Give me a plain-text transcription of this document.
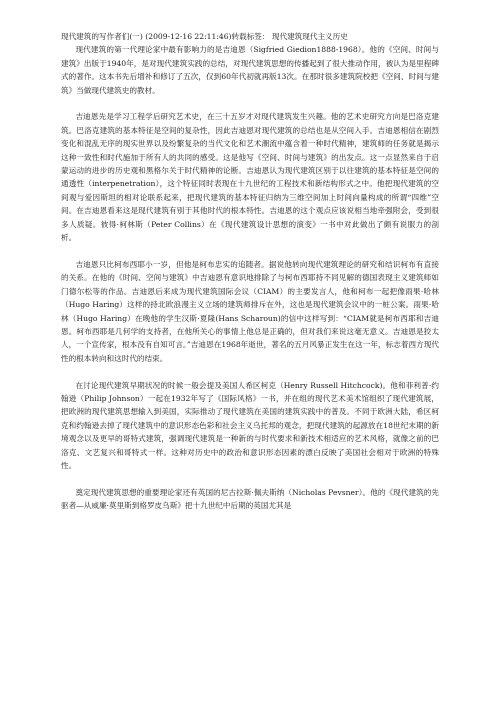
现代建筑的写作者们(一) (2009-12-16 22:11:46)转载标签： 现代建筑现代主义历史

现代建筑的第一代理论家中最有影响力的是吉迪恩（Sigfried Giedion1888-1968）。他的《空间、时间与建筑》出版于1940年，是对现代建筑实践的总结，对现代建筑思想的传播起到了很大推动作用，被认为是里程碑式的著作。这本书先后增补和修订了五次，仅到60年代初就再版13次。在那时很多建筑院校把《空间、时间与建筑》当做现代建筑史的教材。

吉迪恩先是学习工程学后研究艺术史，在三十五岁才对现代建筑发生兴趣。他的艺术史研究方向是巴洛克建筑。巴洛克建筑的基本特征是空间的复杂性，因此吉迪恩对现代建筑的总结也是从空间入手。吉迪恩相信在剧烈变化和混乱无序的现实世界以及纷繁复杂的当代文化和艺术潮流中蕴含着一种时代精神，建筑师的任务就是揭示这种一致性和时代施加于所有人的共同的感受。这是他写《空间、时间与建筑》的出发点。这一点显然来自于启蒙运动的进步的历史观和黑格尔关于时代精神的论断。吉迪恩认为现代建筑区别于以往建筑的基本特征是空间的通透性（interpenetration），这个特征同时表现在十九世纪的工程技术和新结构形式之中。他把现代建筑的空间观与爱因斯坦的相对论联系起来，把现代建筑的基本特征归纳为三维空间加上时间向量构成的所谓“四维”空间。在吉迪恩看来这是现代建筑有别于其他时代的根本特性。吉迪恩的这个观点应该说相当地牵强附会，受到很多人质疑。彼得·柯林斯（Peter Collins）在《现代建筑设计思想的演变》一书中对此做出了颇有说服力的剖析。

吉迪恩只比柯布西耶小一岁，但他是柯布忠实的追随者。据说他转向现代建筑理论的研究和结识柯布有直接的关系。在他的《时间、空间与建筑》中吉迪恩有意识地排除了与柯布西耶持不同见解的德国表现主义建筑师如门德尔松等的作品。吉迪恩后来成为现代建筑国际会议（CIAM）的主要发言人，他和柯布一起把像雨果·哈林（Hugo Haring）这样的持北欧浪漫主义立场的建筑师排斥在外，这也是现代建筑会议中的一桩公案。雨果·哈林（Hugo Haring）在晚他的学生汉斯·夏隆(Hans Scharoun)的信中这样写到：“CIAM就是柯布西耶和吉迪恩。柯布西耶是几何学的支持者，在他所关心的事情上他总是正确的，但对我们来说这毫无意义。吉迪恩是狡太人，一个宣传家，根本没有自知可言。”吉迪恩在1968年逝世，著名的五月风暴正发生在这一年，标志着西方现代性的根本转向和这时代的结束。

在讨论现代建筑早期状况的时候一般会提及美国人希区柯克（Henry Russell Hitchcock)。他和菲利普·约翰逊（Philip Johnson）一起在1932年写了《国际风格》一书，并在组的现代艺术美术馆组织了现代建筑展，把欧洲的现代建筑思想输入到美国，实际推动了现代建筑在美国的建筑实践中的普及。不同于欧洲大陆，希区柯克和约翰逊去掉了现代建筑中的意识形态色彩和社会主义乌托邦的观念，把现代建筑的起源放在18世纪末期的新境观念以及更早的哥特式建筑，强调现代建筑是一种新的与时代要求和新技术相适应的艺术风格，就像之前的巴洛克、文艺复兴和哥特式一样。这种对历史中的政治和意识形态因素的漂白反映了美国社会相对于欧洲的特殊性。

奠定现代建筑思想的重要理论家还有英国的尼古拉斯·佩夫斯纳（Nicholas Pevsner）。他的《现代建筑的先驱者—从威廉·莫里斯到格罗皮乌斯》把十九世纪中后期的英国尤其是
